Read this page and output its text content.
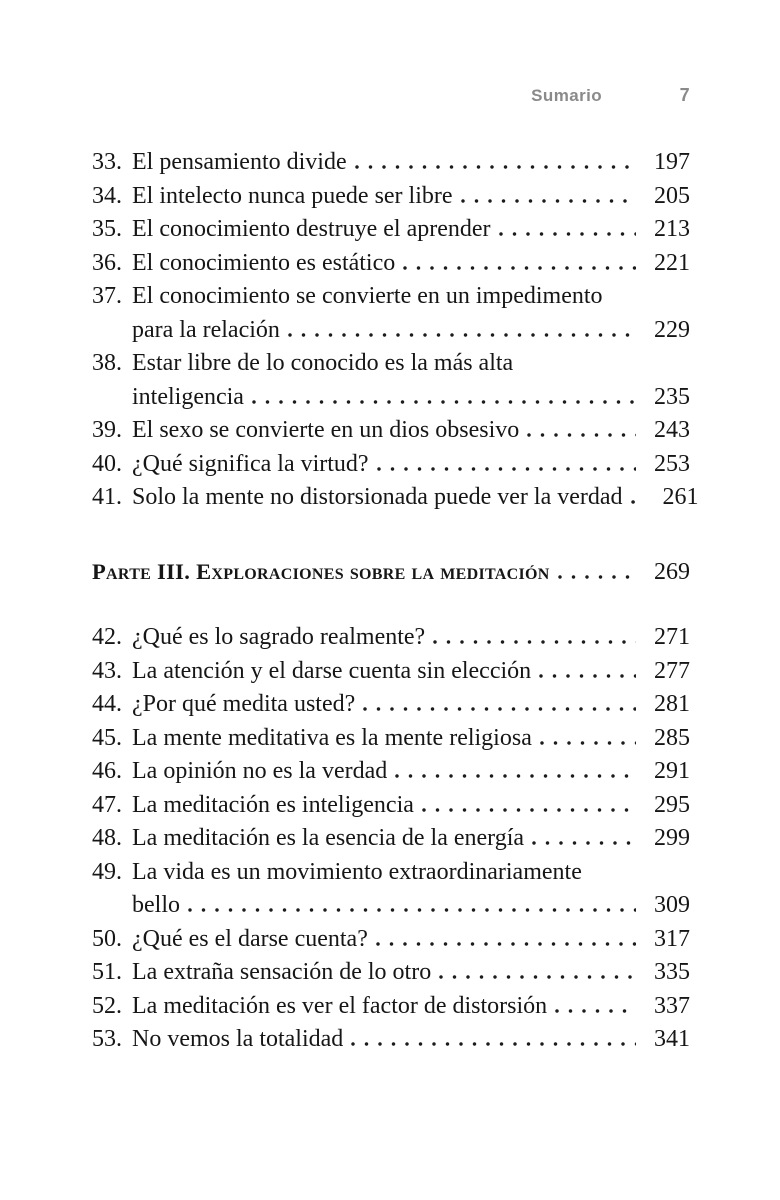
Sumario	7
33. El pensamiento divide	197
34. El intelecto nunca puede ser libre	205
35. El conocimiento destruye el aprender	213
36. El conocimiento es estático	221
37. El conocimiento se convierte en un impedimento
para la relación	229
38. Estar libre de lo conocido es la más alta
inteligencia	235
39. El sexo se convierte en un dios obsesivo	243
40. ¿Qué significa la virtud?	253
41. Solo la mente no distorsionada puede ver la verdad	261
Parte III. Exploraciones sobre la meditación	269
42. ¿Qué es lo sagrado realmente?	271
43. La atención y el darse cuenta sin elección	277
44. ¿Por qué medita usted?	281
45. La mente meditativa es la mente religiosa	285
46. La opinión no es la verdad	291
47. La meditación es inteligencia	295
48. La meditación es la esencia de la energía	299
49. La vida es un movimiento extraordinariamente
bello	309
50. ¿Qué es el darse cuenta?	317
51. La extraña sensación de lo otro	335
52. La meditación es ver el factor de distorsión	337
53. No vemos la totalidad	341
